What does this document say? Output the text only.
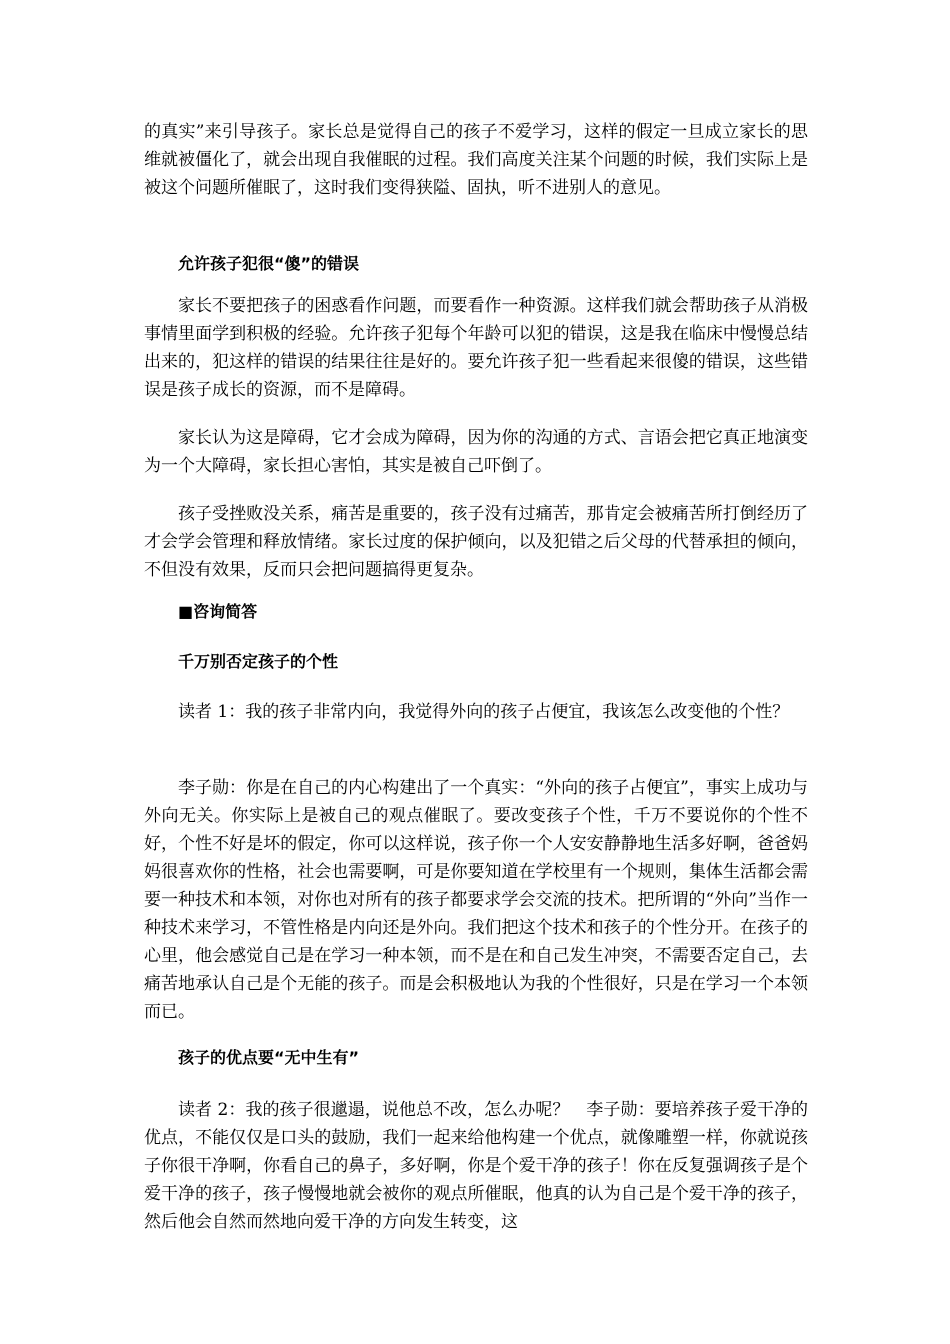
的真实”来引导孩子。家长总是觉得自己的孩子不爱学习，这样的假定一旦成立家长的思维就被僵化了，就会出现自我催眠的过程。我们高度关注某个问题的时候，我们实际上是被这个问题所催眠了，这时我们变得狭隘、固执，听不进别人的意见。

允许孩子犯很“傻”的错误

家长不要把孩子的困惑看作问题，而要看作一种资源。这样我们就会帮助孩子从消极事情里面学到积极的经验。允许孩子犯每个年龄可以犯的错误，这是我在临床中慢慢总结出来的，犯这样的错误的结果往往是好的。要允许孩子犯一些看起来很傻的错误，这些错误是孩子成长的资源，而不是障碍。

家长认为这是障碍，它才会成为障碍，因为你的沟通的方式、言语会把它真正地演变为一个大障碍，家长担心害怕，其实是被自己吓倒了。

孩子受挫败没关系，痛苦是重要的，孩子没有过痛苦，那肯定会被痛苦所打倒经历了才会学会管理和释放情绪。家长过度的保护倾向，以及犯错之后父母的代替承担的倾向，不但没有效果，反而只会把问题搞得更复杂。

■咨询简答

千万别否定孩子的个性

读者 1：我的孩子非常内向，我觉得外向的孩子占便宜，我该怎么改变他的个性？

李子勋：你是在自己的内心构建出了一个真实：“外向的孩子占便宜”，事实上成功与外向无关。你实际上是被自己的观点催眠了。要改变孩子个性，千万不要说你的个性不好，个性不好是坏的假定，你可以这样说，孩子你一个人安安静静地生活多好啊，爸爸妈妈很喜欢你的性格，社会也需要啊，可是你要知道在学校里有一个规则，集体生活都会需要一种技术和本领，对你也对所有的孩子都要求学会交流的技术。把所谓的“外向”当作一种技术来学习，不管性格是内向还是外向。我们把这个技术和孩子的个性分开。在孩子的心里，他会感觉自己是在学习一种本领，而不是在和自己发生冲突，不需要否定自己，去痛苦地承认自己是个无能的孩子。而是会积极地认为我的个性很好，只是在学习一个本领而已。

孩子的优点要“无中生有”

读者 2：我的孩子很邋遢，说他总不改，怎么办呢？　李子勋：要培养孩子爱干净的优点，不能仅仅是口头的鼓励，我们一起来给他构建一个优点，就像雕塑一样，你就说孩子你很干净啊，你看自己的鼻子，多好啊，你是个爱干净的孩子！你在反复强调孩子是个爱干净的孩子，孩子慢慢地就会被你的观点所催眠，他真的认为自己是个爱干净的孩子，然后他会自然而然地向爱干净的方向发生转变，这
